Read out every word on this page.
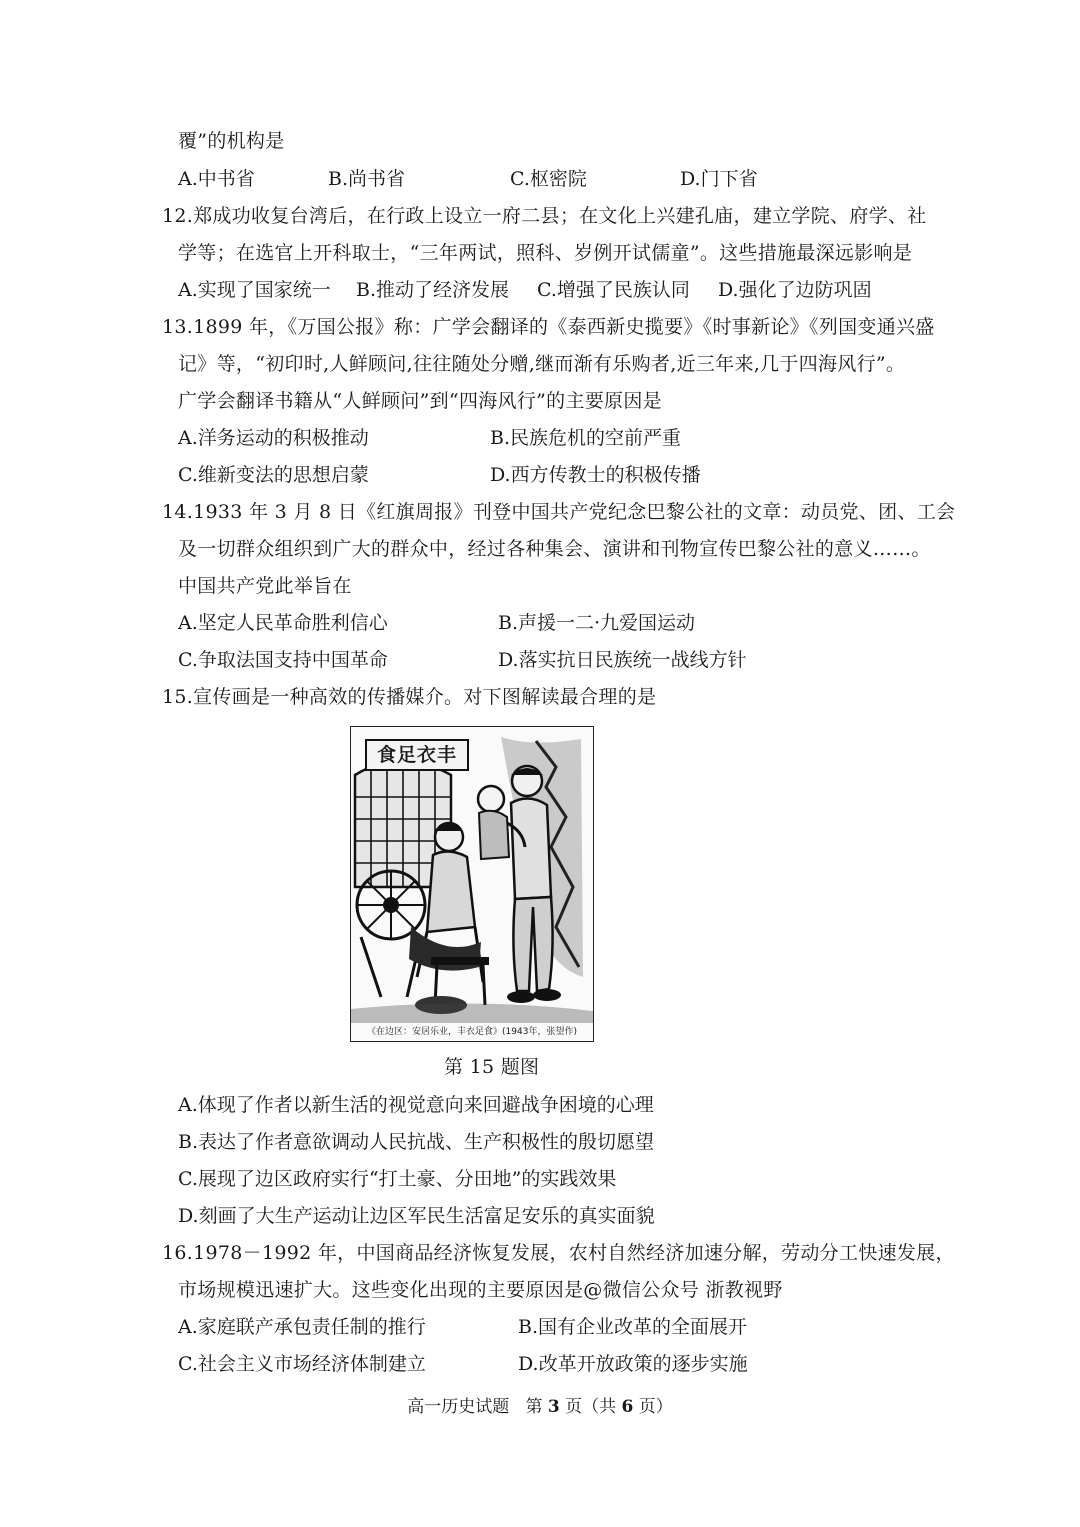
覆”的机构是
A.中书省	B.尚书省	C.枢密院	D.门下省
12.郑成功收复台湾后，在行政上设立一府二县；在文化上兴建孔庙，建立学院、府学、社
学等；在选官上开科取士，“三年两试，照科、岁例开试儒童”。这些措施最深远影响是
A.实现了国家统一 B.推动了经济发展 C.增强了民族认同 D.强化了边防巩固
13.1899 年，《万国公报》称：广学会翻译的《泰西新史揽要》《时事新论》《列国变通兴盛
记》等，“初印时,人鲜顾问,往往随处分赠,继而渐有乐购者,近三年来,几于四海风行”。
广学会翻译书籍从“人鲜顾问”到“四海风行”的主要原因是
A.洋务运动的积极推动	B.民族危机的空前严重
C.维新变法的思想启蒙	D.西方传教士的积极传播
14.1933 年 3 月 8 日《红旗周报》刊登中国共产党纪念巴黎公社的文章：动员党、团、工会
及一切群众组织到广大的群众中，经过各种集会、演讲和刊物宣传巴黎公社的意义……。
中国共产党此举旨在
A.坚定人民革命胜利信心	B.声援一二·九爱国运动
C.争取法国支持中国革命	D.落实抗日民族统一战线方针
15.宣传画是一种高效的传播媒介。对下图解读最合理的是
食足衣丰
《在边区：安居乐业，丰衣足食》(1943年，张望作)
第 15 题图
A.体现了作者以新生活的视觉意向来回避战争困境的心理
B.表达了作者意欲调动人民抗战、生产积极性的殷切愿望
C.展现了边区政府实行“打土豪、分田地”的实践效果
D.刻画了大生产运动让边区军民生活富足安乐的真实面貌
16.1978－1992 年，中国商品经济恢复发展，农村自然经济加速分解，劳动分工快速发展，
市场规模迅速扩大。这些变化出现的主要原因是@微信公众号 浙教视野
A.家庭联产承包责任制的推行	B.国有企业改革的全面展开
C.社会主义市场经济体制建立	D.改革开放政策的逐步实施
高一历史试题 第 3 页（共 6 页）
